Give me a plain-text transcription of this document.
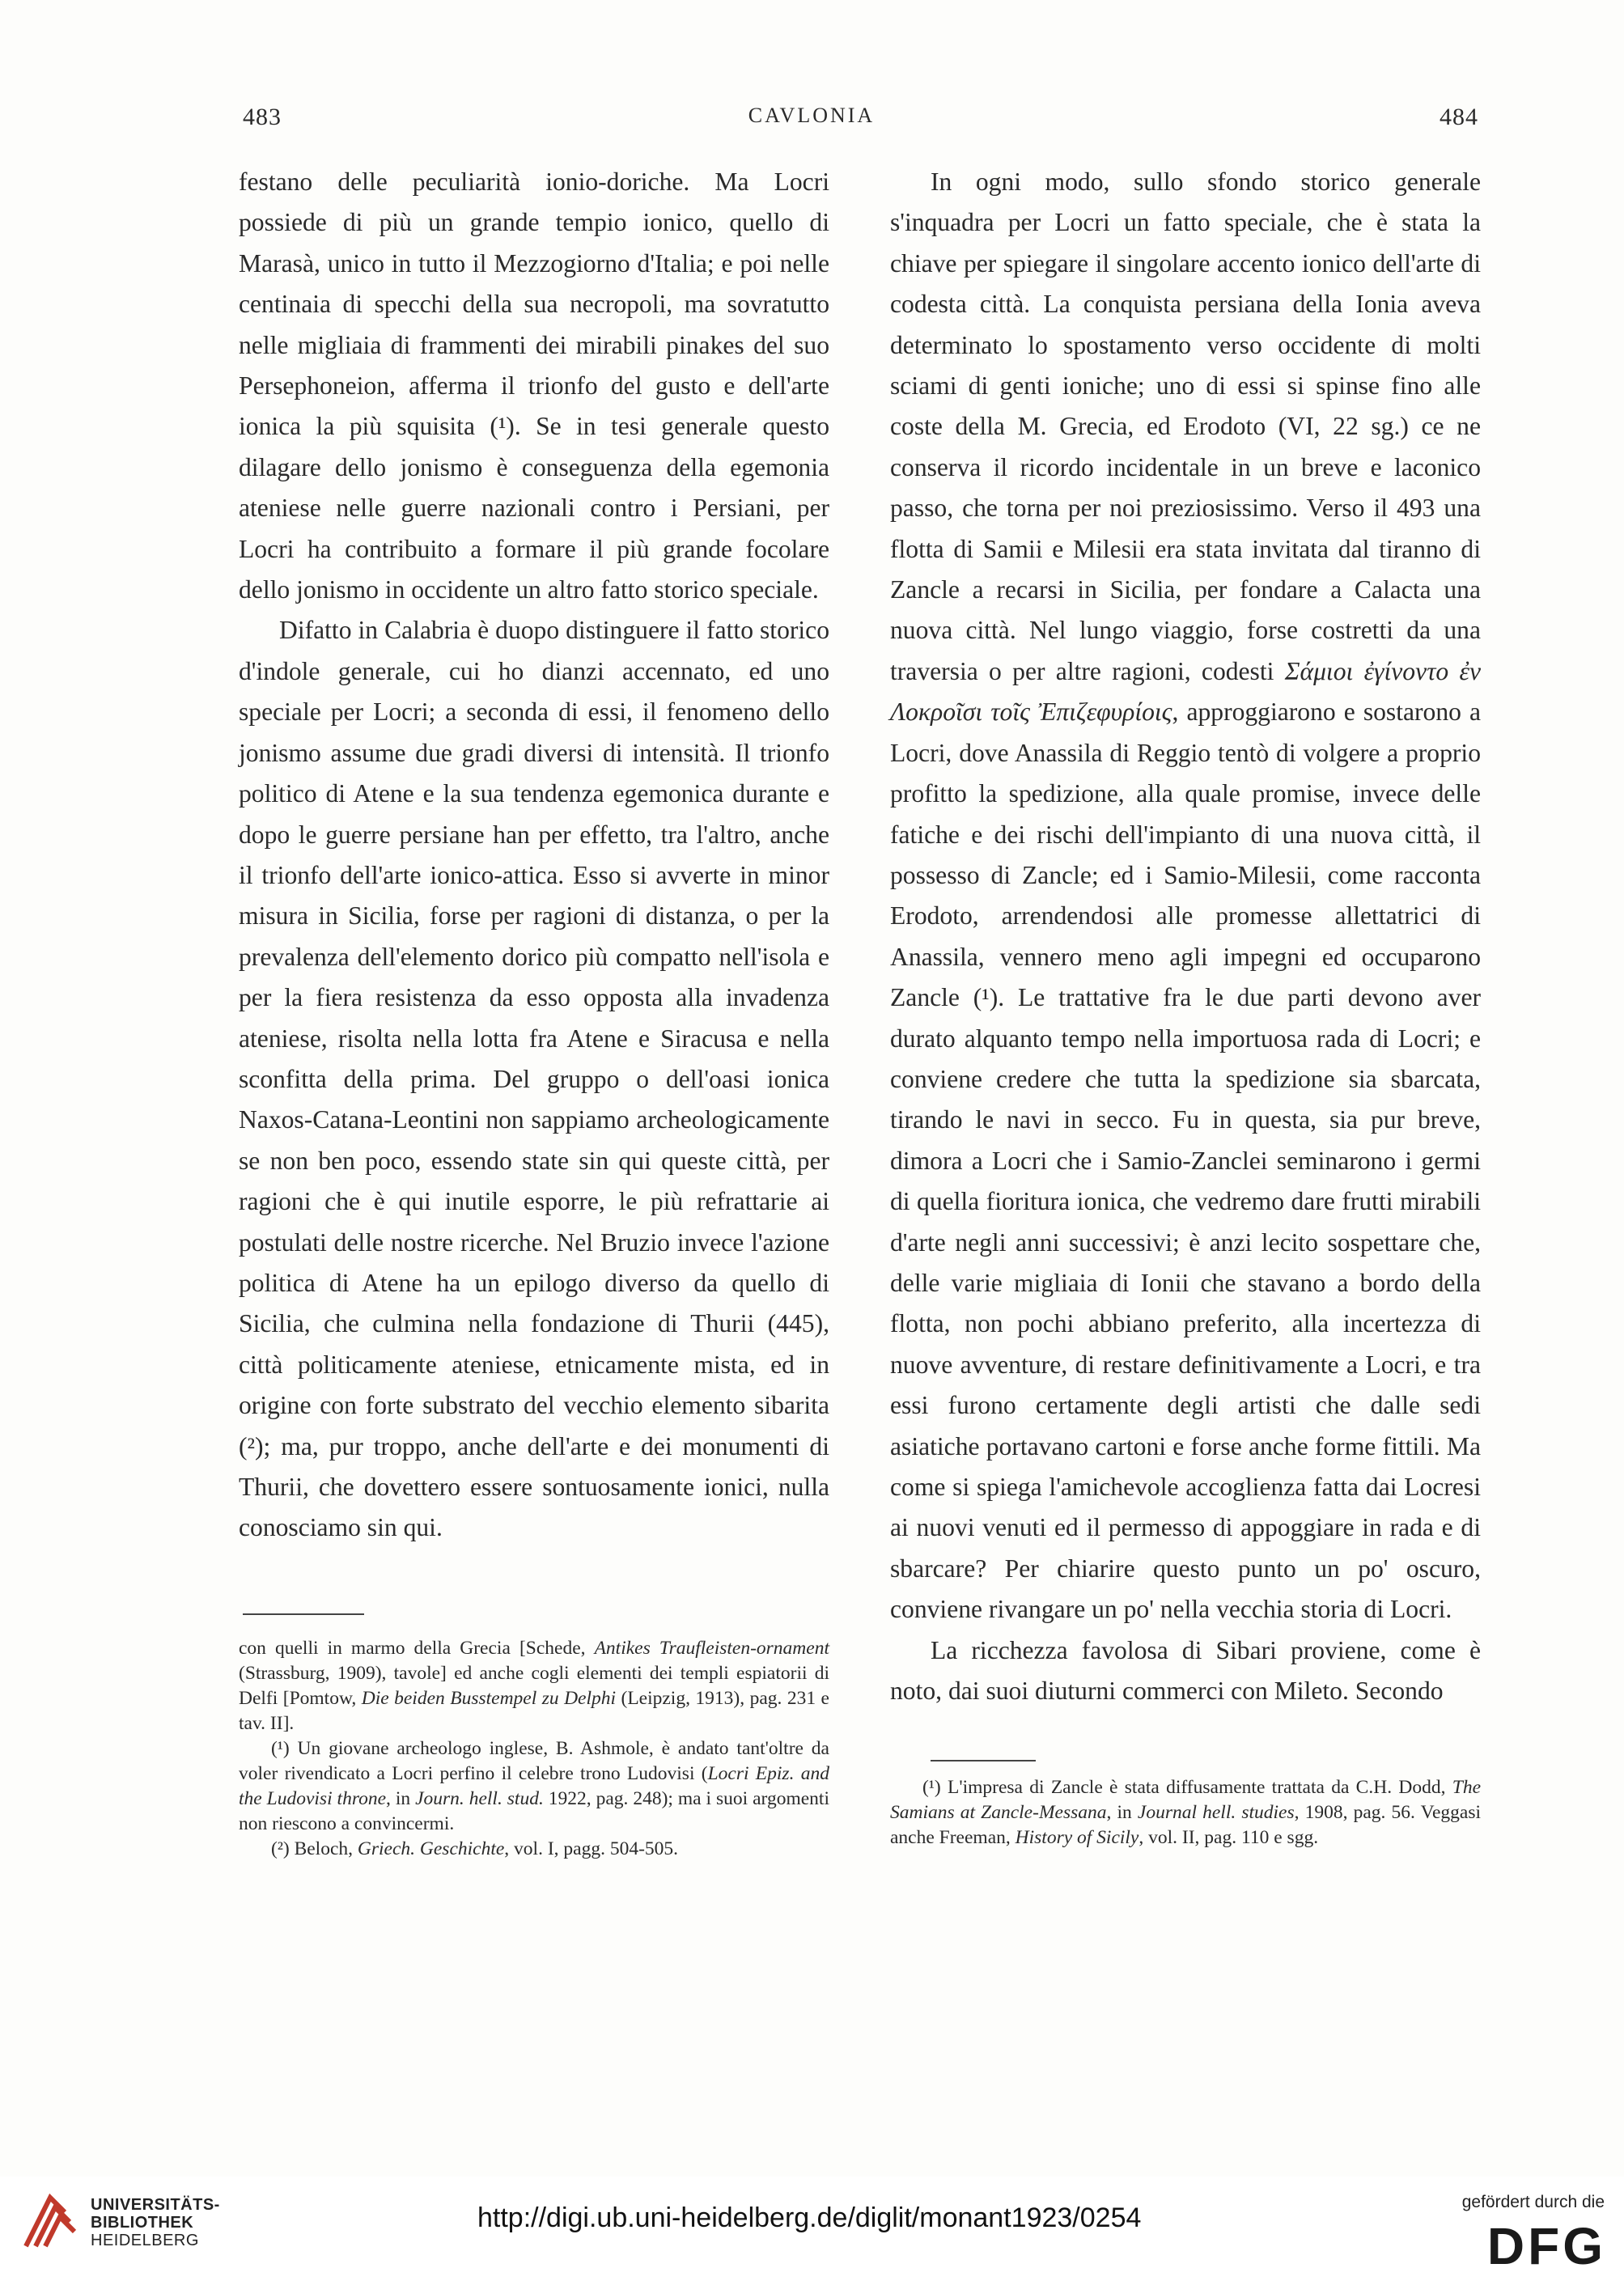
483	CAVLONIA	484

festano delle peculiarità ionio-doriche. Ma Locri possiede di più un grande tempio ionico, quello di Marasà, unico in tutto il Mezzogiorno d'Italia; e poi nelle centinaia di specchi della sua necropoli, ma sovratutto nelle migliaia di frammenti dei mirabili pinakes del suo Persephoneion, afferma il trionfo del gusto e dell'arte ionica la più squisita (¹). Se in tesi generale questo dilagare dello jonismo è conseguenza della egemonia ateniese nelle guerre nazionali contro i Persiani, per Locri ha contribuito a formare il più grande focolare dello jonismo in occidente un altro fatto storico speciale.

Difatto in Calabria è duopo distinguere il fatto storico d'indole generale, cui ho dianzi accennato, ed uno speciale per Locri; a seconda di essi, il fenomeno dello jonismo assume due gradi diversi di intensità. Il trionfo politico di Atene e la sua tendenza egemonica durante e dopo le guerre persiane han per effetto, tra l'altro, anche il trionfo dell'arte ionico-attica. Esso si avverte in minor misura in Sicilia, forse per ragioni di distanza, o per la prevalenza dell'elemento dorico più compatto nell'isola e per la fiera resistenza da esso opposta alla invadenza ateniese, risolta nella lotta fra Atene e Siracusa e nella sconfitta della prima. Del gruppo o dell'oasi ionica Naxos-Catana-Leontini non sappiamo archeologicamente se non ben poco, essendo state sin qui queste città, per ragioni che è qui inutile esporre, le più refrattarie ai postulati delle nostre ricerche. Nel Bruzio invece l'azione politica di Atene ha un epilogo diverso da quello di Sicilia, che culmina nella fondazione di Thurii (445), città politicamente ateniese, etnicamente mista, ed in origine con forte substrato del vecchio elemento sibarita (²); ma, pur troppo, anche dell'arte e dei monumenti di Thurii, che dovettero essere sontuosamente ionici, nulla conosciamo sin qui.

con quelli in marmo della Grecia [Schede, Antikes Traufleisten-ornament (Strassburg, 1909), tavole] ed anche cogli elementi dei templi espiatorii di Delfi [Pomtow, Die beiden Busstempel zu Delphi (Leipzig, 1913), pag. 231 e tav. II].

(¹) Un giovane archeologo inglese, B. Ashmole, è andato tant'oltre da voler rivendicato a Locri perfino il celebre trono Ludovisi (Locri Epiz. and the Ludovisi throne, in Journ. hell. stud. 1922, pag. 248); ma i suoi argomenti non riescono a convincermi.

(²) Beloch, Griech. Geschichte, vol. I, pagg. 504-505.

In ogni modo, sullo sfondo storico generale s'inquadra per Locri un fatto speciale, che è stata la chiave per spiegare il singolare accento ionico dell'arte di codesta città. La conquista persiana della Ionia aveva determinato lo spostamento verso occidente di molti sciami di genti ioniche; uno di essi si spinse fino alle coste della M. Grecia, ed Erodoto (VI, 22 sg.) ce ne conserva il ricordo incidentale in un breve e laconico passo, che torna per noi preziosissimo. Verso il 493 una flotta di Samii e Milesii era stata invitata dal tiranno di Zancle a recarsi in Sicilia, per fondare a Calacta una nuova città. Nel lungo viaggio, forse costretti da una traversia o per altre ragioni, codesti Σάμιοι ἐγίνοντο ἐν Λοκροῖσι τοῖς Ἐπιζεφυρίοις, approggiarono e sostarono a Locri, dove Anassila di Reggio tentò di volgere a proprio profitto la spedizione, alla quale promise, invece delle fatiche e dei rischi dell'impianto di una nuova città, il possesso di Zancle; ed i Samio-Milesii, come racconta Erodoto, arrendendosi alle promesse allettatrici di Anassila, vennero meno agli impegni ed occuparono Zancle (¹). Le trattative fra le due parti devono aver durato alquanto tempo nella importuosa rada di Locri; e conviene credere che tutta la spedizione sia sbarcata, tirando le navi in secco. Fu in questa, sia pur breve, dimora a Locri che i Samio-Zanclei seminarono i germi di quella fioritura ionica, che vedremo dare frutti mirabili d'arte negli anni successivi; è anzi lecito sospettare che, delle varie migliaia di Ionii che stavano a bordo della flotta, non pochi abbiano preferito, alla incertezza di nuove avventure, di restare definitivamente a Locri, e tra essi furono certamente degli artisti che dalle sedi asiatiche portavano cartoni e forse anche forme fittili. Ma come si spiega l'amichevole accoglienza fatta dai Locresi ai nuovi venuti ed il permesso di appoggiare in rada e di sbarcare? Per chiarire questo punto un po' oscuro, conviene rivangare un po' nella vecchia storia di Locri.

La ricchezza favolosa di Sibari proviene, come è noto, dai suoi diuturni commerci con Mileto. Secondo

(¹) L'impresa di Zancle è stata diffusamente trattata da C.H. Dodd, The Samians at Zancle-Messana, in Journal hell. studies, 1908, pag. 56. Veggasi anche Freeman, History of Sicily, vol. II, pag. 110 e sgg.

UNIVERSITÄTS-
BIBLIOTHEK
HEIDELBERG
http://digi.ub.uni-heidelberg.de/diglit/monant1923/0254
gefördert durch die
DFG
